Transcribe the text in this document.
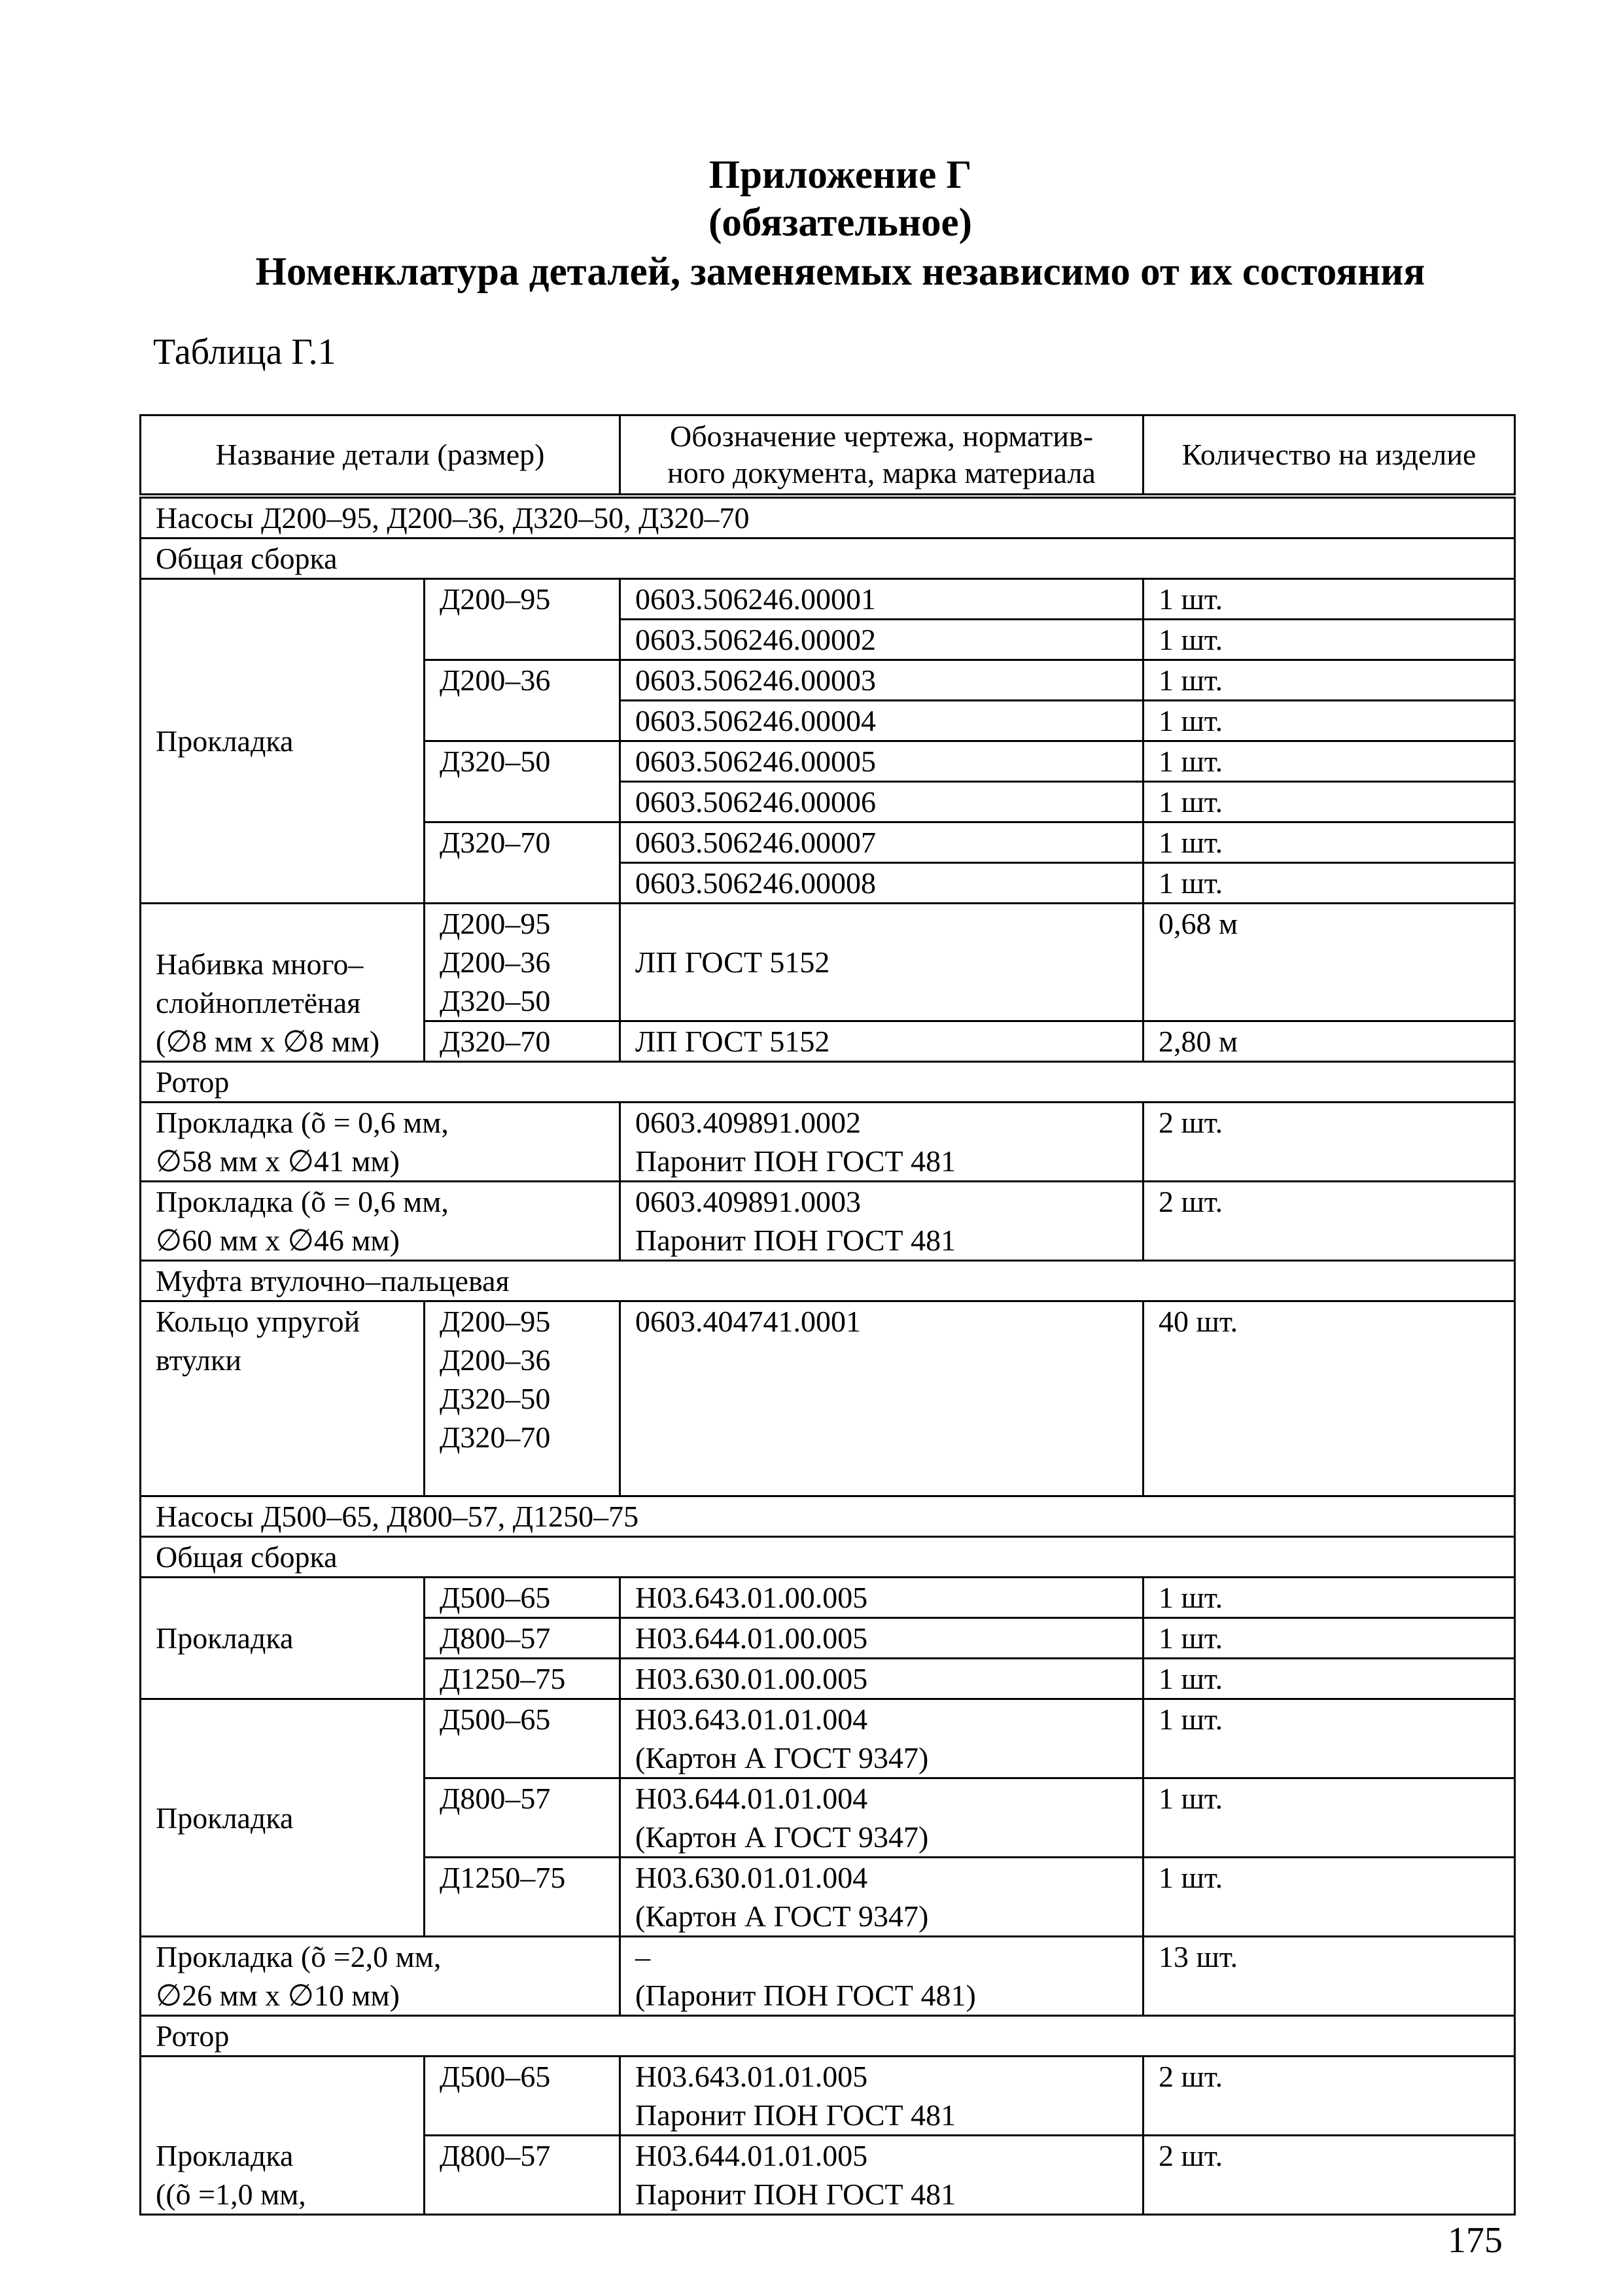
Приложение Г
(обязательное)
Номенклатура деталей, заменяемых независимо от их состояния
Таблица Г.1
Название детали (размер)		Обозначение чертежа, норматив-
ного документа, марка материала	Количество на изделие
Насосы Д200–95, Д200–36, Д320–50, Д320–70			
Общая сборка			
Прокладка	Д200–95	0603.506246.00001	1 шт.
		0603.506246.00002	1 шт.
	Д200–36	0603.506246.00003	1 шт.
		0603.506246.00004	1 шт.
	Д320–50	0603.506246.00005	1 шт.
		0603.506246.00006	1 шт.
	Д320–70	0603.506246.00007	1 шт.
		0603.506246.00008	1 шт.
Набивка много–
слойноплетёная
(∅8 мм х ∅8 мм)	Д200–95
Д200–36
Д320–50	ЛП ГОСТ 5152	0,68 м
	Д320–70	ЛП ГОСТ 5152	2,80 м
Ротор			
Прокладка (õ = 0,6 мм,
∅58 мм х ∅41 мм)		0603.409891.0002
Паронит ПОН ГОСТ 481	2 шт.
Прокладка (õ = 0,6 мм,
∅60 мм х ∅46 мм)		0603.409891.0003
Паронит ПОН ГОСТ 481	2 шт.
Муфта втулочно–пальцевая			
Кольцо упругой
втулки	Д200–95
Д200–36
Д320–50
Д320–70	0603.404741.0001	40 шт.
Насосы Д500–65, Д800–57, Д1250–75			
Общая сборка			
Прокладка	Д500–65	Н03.643.01.00.005	1 шт.
	Д800–57	Н03.644.01.00.005	1 шт.
	Д1250–75	Н03.630.01.00.005	1 шт.
Прокладка	Д500–65	Н03.643.01.01.004
(Картон А ГОСТ 9347)	1 шт.
	Д800–57	Н03.644.01.01.004
(Картон А ГОСТ 9347)	1 шт.
	Д1250–75	Н03.630.01.01.004
(Картон А ГОСТ 9347)	1 шт.
Прокладка (õ =2,0 мм,
∅26 мм х ∅10 мм)		–
(Паронит ПОН ГОСТ 481)	13 шт.
Ротор			
Прокладка
((õ =1,0 мм,	Д500–65	Н03.643.01.01.005
Паронит ПОН ГОСТ 481	2 шт.
	Д800–57	Н03.644.01.01.005
Паронит ПОН ГОСТ 481	2 шт.
175
